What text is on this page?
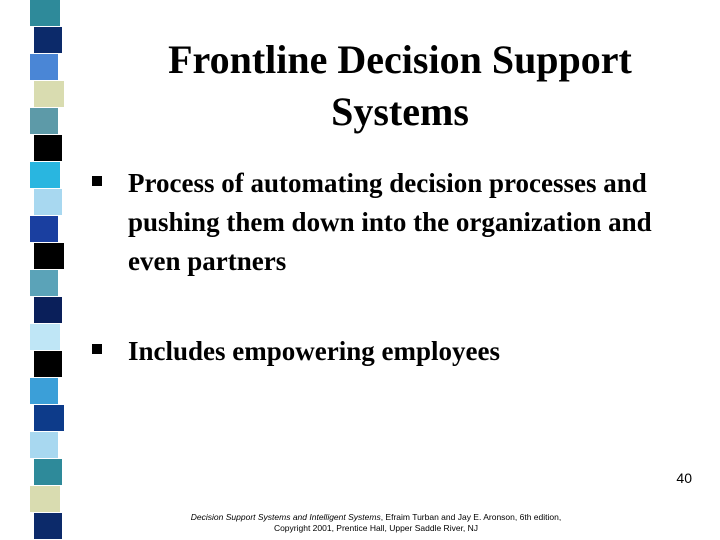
Frontline Decision Support Systems

Process of automating decision processes and pushing them down into the organization and even partners

Includes empowering employees

40
Decision Support Systems and Intelligent Systems, Efraim Turban and Jay E. Aronson, 6th edition,
Copyright 2001, Prentice Hall, Upper Saddle River, NJ
